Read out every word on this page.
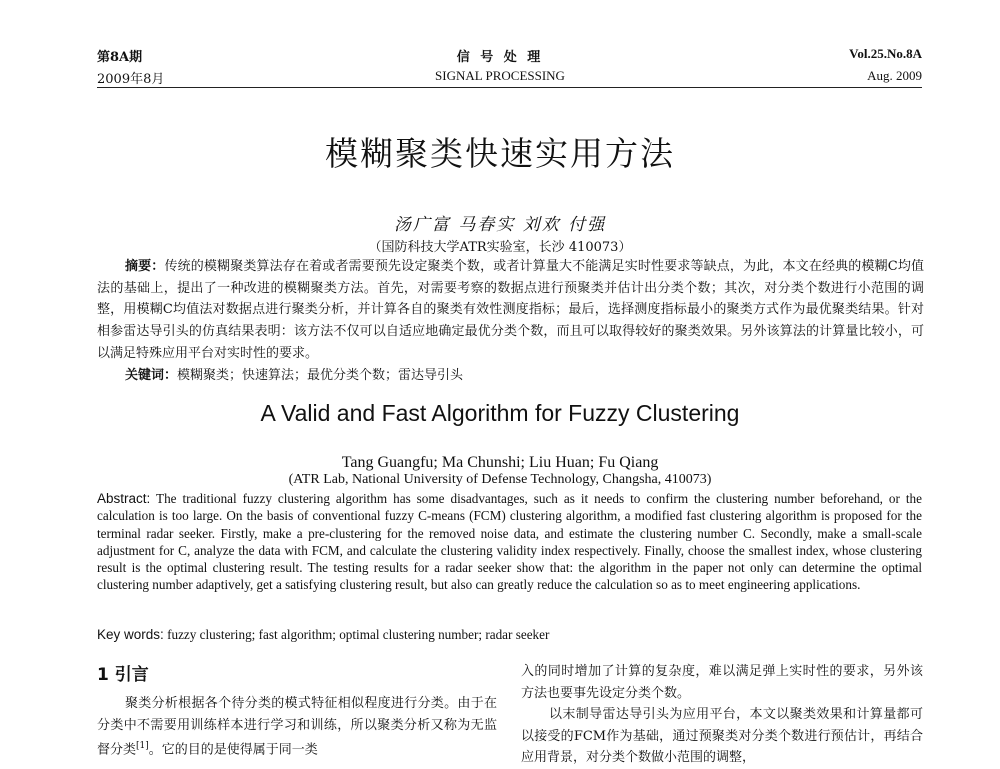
第8A期
2009年8月
信 号 处 理
SIGNAL PROCESSING
Vol.25.No.8A
Aug. 2009
模糊聚类快速实用方法
汤广富 马春实 刘欢 付强
（国防科技大学ATR实验室，长沙 410073）
摘要：传统的模糊聚类算法存在着或者需要预先设定聚类个数，或者计算量大不能满足实时性要求等缺点，为此，本文在经典的模糊C均值法的基础上，提出了一种改进的模糊聚类方法。首先，对需要考察的数据点进行预聚类并估计出分类个数；其次，对分类个数进行小范围的调整，用模糊C均值法对数据点进行聚类分析，并计算各自的聚类有效性测度指标；最后，选择测度指标最小的聚类方式作为最优聚类结果。针对相参雷达导引头的仿真结果表明：该方法不仅可以自适应地确定最优分类个数，而且可以取得较好的聚类效果。另外该算法的计算量比较小，可以满足特殊应用平台对实时性的要求。
关键词：模糊聚类；快速算法；最优分类个数；雷达导引头
A Valid and Fast Algorithm for Fuzzy Clustering
Tang Guangfu; Ma Chunshi; Liu Huan; Fu Qiang
(ATR Lab, National University of Defense Technology, Changsha, 410073)
Abstract: The traditional fuzzy clustering algorithm has some disadvantages, such as it needs to confirm the clustering number beforehand, or the calculation is too large. On the basis of conventional fuzzy C-means (FCM) clustering algorithm, a modified fast clustering algorithm is proposed for the terminal radar seeker. Firstly, make a pre-clustering for the removed noise data, and estimate the clustering number C. Secondly, make a small-scale adjustment for C, analyze the data with FCM, and calculate the clustering validity index respectively. Finally, choose the smallest index, whose clustering result is the optimal clustering result. The testing results for a radar seeker show that: the algorithm in the paper not only can determine the optimal clustering number adaptively, get a satisfying clustering result, but also can greatly reduce the calculation so as to meet engineering applications.
Key words: fuzzy clustering; fast algorithm; optimal clustering number; radar seeker
1 引言

聚类分析根据各个待分类的模式特征相似程度进行分类。由于在分类中不需要用训练样本进行学习和训练，所以聚类分析又称为无监督分类[1]。它的目的是使得属于同一类

入的同时增加了计算的复杂度，难以满足弹上实时性的要求，另外该方法也要事先设定分类个数。

以末制导雷达导引头为应用平台，本文以聚类效果和计算量都可以接受的FCM作为基础，通过预聚类对分类个数进行预估计，再结合应用背景，对分类个数做小范围的调整，
